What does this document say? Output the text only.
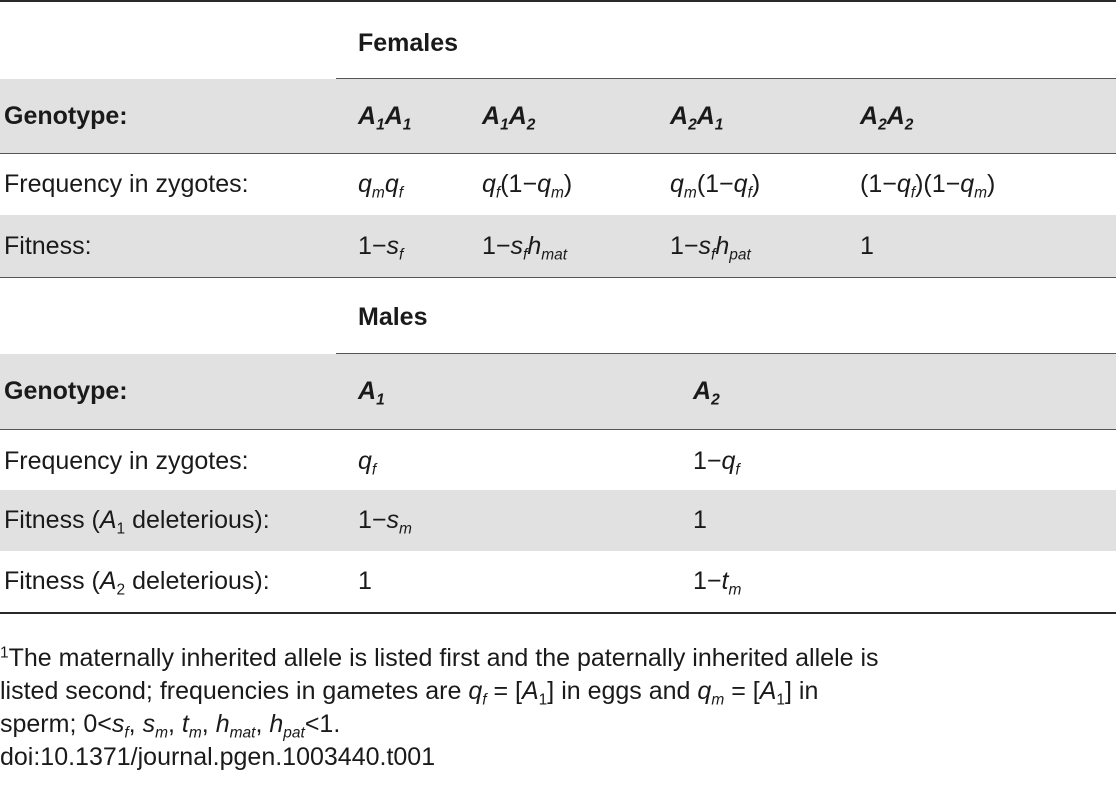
Females
Genotype:	$A_1A_1$	$A_1A_2$	$A_2A_1$	$A_2A_2$
Frequency in zygotes:	$q_mq_f$	$q_f(1-q_m)$	$q_m(1-q_f)$	$(1-q_f)(1-q_m)$
Fitness:	$1-s_f$	$1-s_fh_{mat}$	$1-s_fh_{pat}$	1
Males
Genotype:	$A_1$	$A_2$
Frequency in zygotes:	$q_f$	$1-q_f$
Fitness ($A_1$ deleterious):	$1-s_m$	1
Fitness ($A_2$ deleterious):	1	$1-t_m$
$^1$The maternally inherited allele is listed first and the paternally inherited allele is
listed second; frequencies in gametes are $q_f = [A_1]$ in eggs and $q_m = [A_1]$ in
sperm; $0<s_f$, $s_m$, $t_m$, $h_{mat}$, $h_{pat}<1$.
doi:10.1371/journal.pgen.1003440.t001
